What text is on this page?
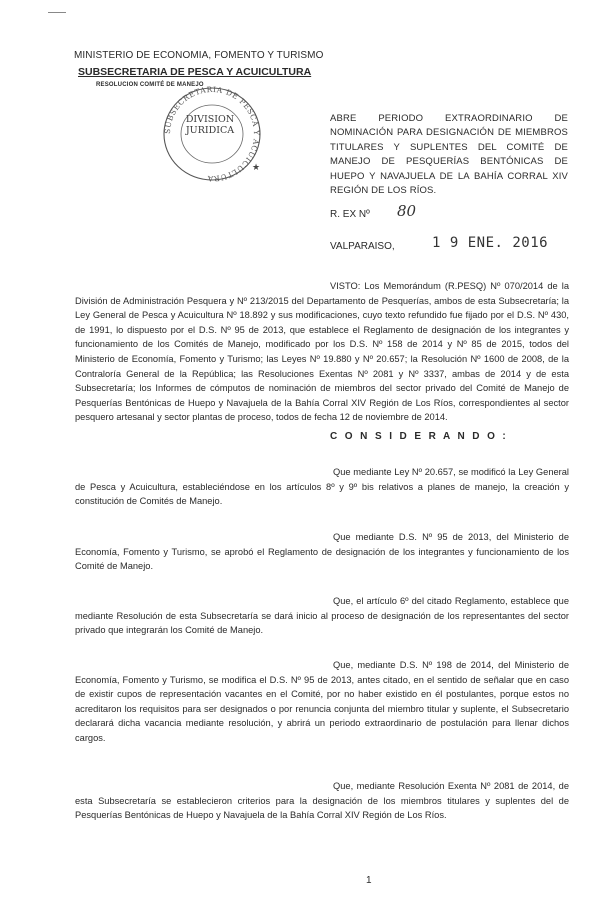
MINISTERIO DE ECONOMIA, FOMENTO Y TURISMO
SUBSECRETARIA DE PESCA Y ACUICULTURA
RESOLUCION COMITÉ DE MANEJO
SUBSECRETARIA DE PESCA Y ACUICULTURA
★
DIVISION
JURIDICA
ABRE PERIODO EXTRAORDINARIO DE NOMINACIÓN PARA DESIGNACIÓN DE MIEMBROS TITULARES Y SUPLENTES DEL COMITÉ DE MANEJO DE PESQUERÍAS BENTÓNICAS DE HUEPO Y NAVAJUELA DE LA BAHÍA CORRAL XIV REGIÓN DE LOS RÍOS.
R. EX Nº 80
VALPARAISO,	1 9 ENE. 2016
VISTO: Los Memorándum (R.PESQ) Nº 070/2014 de la División de Administración Pesquera y Nº 213/2015 del Departamento de Pesquerías, ambos de esta Subsecretaría; la Ley General de Pesca y Acuicultura Nº 18.892 y sus modificaciones, cuyo texto refundido fue fijado por el D.S. Nº 430, de 1991, lo dispuesto por el D.S. Nº 95 de 2013, que establece el Reglamento de designación de los integrantes y funcionamiento de los Comités de Manejo, modificado por los D.S. Nº 158 de 2014 y Nº 85 de 2015, todos del Ministerio de Economía, Fomento y Turismo; las Leyes Nº 19.880 y Nº 20.657; la Resolución Nº 1600 de 2008, de la Contraloría General de la República; las Resoluciones Exentas Nº 2081 y Nº 3337, ambas de 2014 y de esta Subsecretaría; los Informes de cómputos de nominación de miembros del sector privado del Comité de Manejo de Pesquerías Bentónicas de Huepo y Navajuela de la Bahía Corral XIV Región de Los Ríos, correspondientes al sector pesquero artesanal y sector plantas de proceso, todos de fecha 12 de noviembre de 2014.
C O N S I D E R A N D O :
Que mediante Ley Nº 20.657, se modificó la Ley General de Pesca y Acuicultura, estableciéndose en los artículos 8º y 9º bis relativos a planes de manejo, la creación y constitución de Comités de Manejo.
Que mediante D.S. Nº 95 de 2013, del Ministerio de Economía, Fomento y Turismo, se aprobó el Reglamento de designación de los integrantes y funcionamiento de los Comité de Manejo.
Que, el artículo 6º del citado Reglamento, establece que mediante Resolución de esta Subsecretaría se dará inicio al proceso de designación de los representantes del sector privado que integrarán los Comité de Manejo.
Que, mediante D.S. Nº 198 de 2014, del Ministerio de Economía, Fomento y Turismo, se modifica el D.S. Nº 95 de 2013, antes citado, en el sentido de señalar que en caso de existir cupos de representación vacantes en el Comité, por no haber existido en él postulantes, porque estos no acreditaron los requisitos para ser designados o por renuncia conjunta del miembro titular y suplente, el Subsecretario declarará dicha vacancia mediante resolución, y abrirá un periodo extraordinario de postulación para llenar dichos cargos.
Que, mediante Resolución Exenta Nº 2081 de 2014, de esta Subsecretaría se establecieron criterios para la designación de los miembros titulares y suplentes del de Pesquerías Bentónicas de Huepo y Navajuela de la Bahía Corral XIV Región de Los Ríos.
1
